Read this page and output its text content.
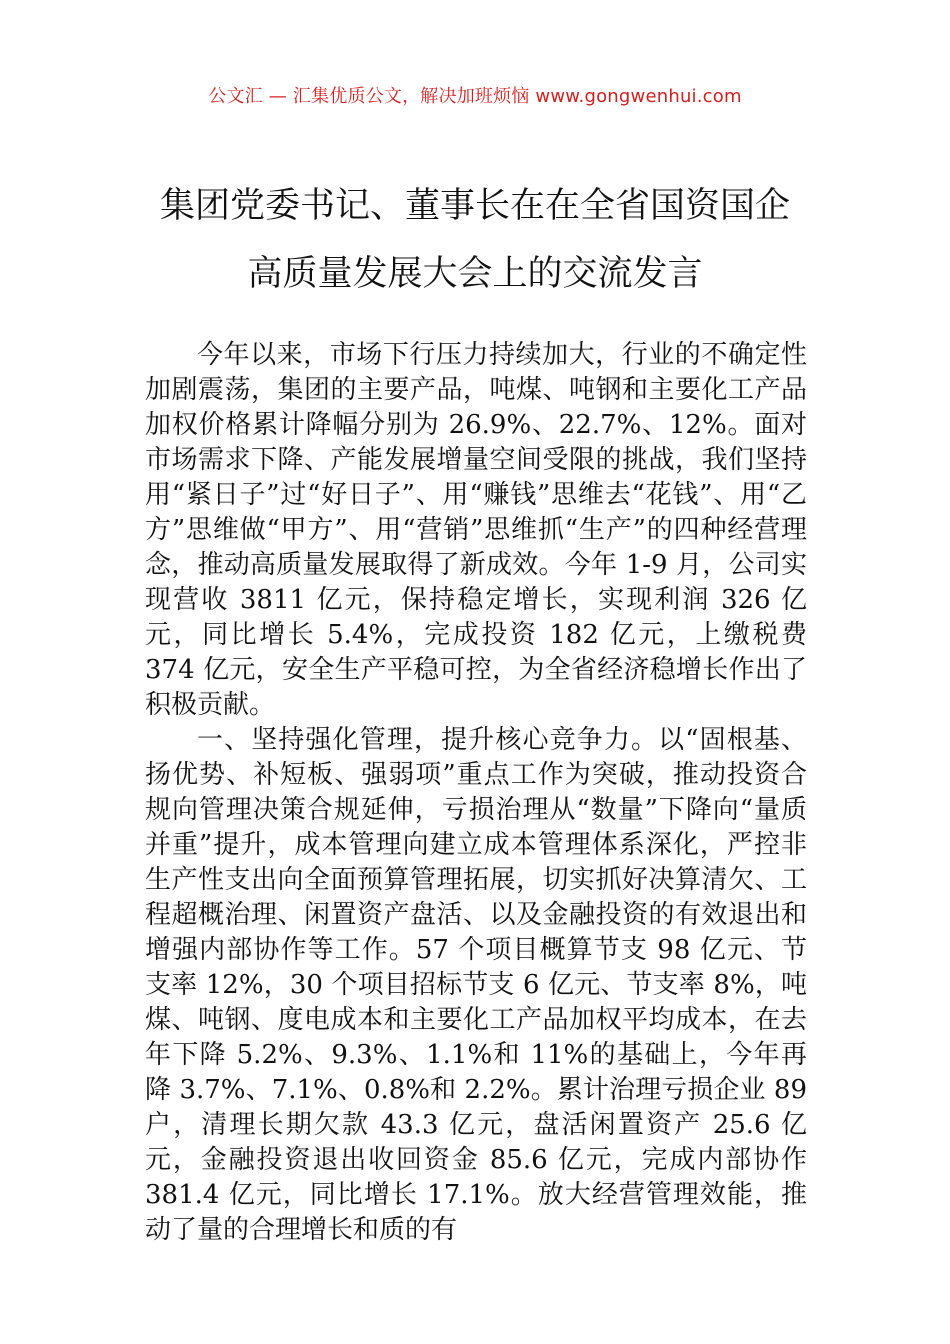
公文汇 — 汇集优质公文，解决加班烦恼 www.gongwenhui.com
集团党委书记、董事长在在全省国资国企
高质量发展大会上的交流发言

今年以来，市场下行压力持续加大，行业的不确定性加剧震荡，集团的主要产品，吨煤、吨钢和主要化工产品加权价格累计降幅分别为 26.9%、22.7%、12%。面对市场需求下降、产能发展增量空间受限的挑战，我们坚持用“紧日子”过“好日子”、用“赚钱”思维去“花钱”、用“乙方”思维做“甲方”、用“营销”思维抓“生产”的四种经营理念，推动高质量发展取得了新成效。今年 1-9 月，公司实现营收 3811 亿元，保持稳定增长，实现利润 326 亿元，同比增长 5.4%，完成投资 182 亿元，上缴税费 374 亿元，安全生产平稳可控，为全省经济稳增长作出了积极贡献。

一、坚持强化管理，提升核心竞争力。以“固根基、扬优势、补短板、强弱项”重点工作为突破，推动投资合规向管理决策合规延伸，亏损治理从“数量”下降向“量质并重”提升，成本管理向建立成本管理体系深化，严控非生产性支出向全面预算管理拓展，切实抓好决算清欠、工程超概治理、闲置资产盘活、以及金融投资的有效退出和增强内部协作等工作。57 个项目概算节支 98 亿元、节支率 12%，30 个项目招标节支 6 亿元、节支率 8%，吨煤、吨钢、度电成本和主要化工产品加权平均成本，在去年下降 5.2%、9.3%、1.1%和 11%的基础上，今年再降 3.7%、7.1%、0.8%和 2.2%。累计治理亏损企业 89 户，清理长期欠款 43.3 亿元，盘活闲置资产 25.6 亿元，金融投资退出收回资金 85.6 亿元，完成内部协作 381.4 亿元，同比增长 17.1%。放大经营管理效能，推动了量的合理增长和质的有
